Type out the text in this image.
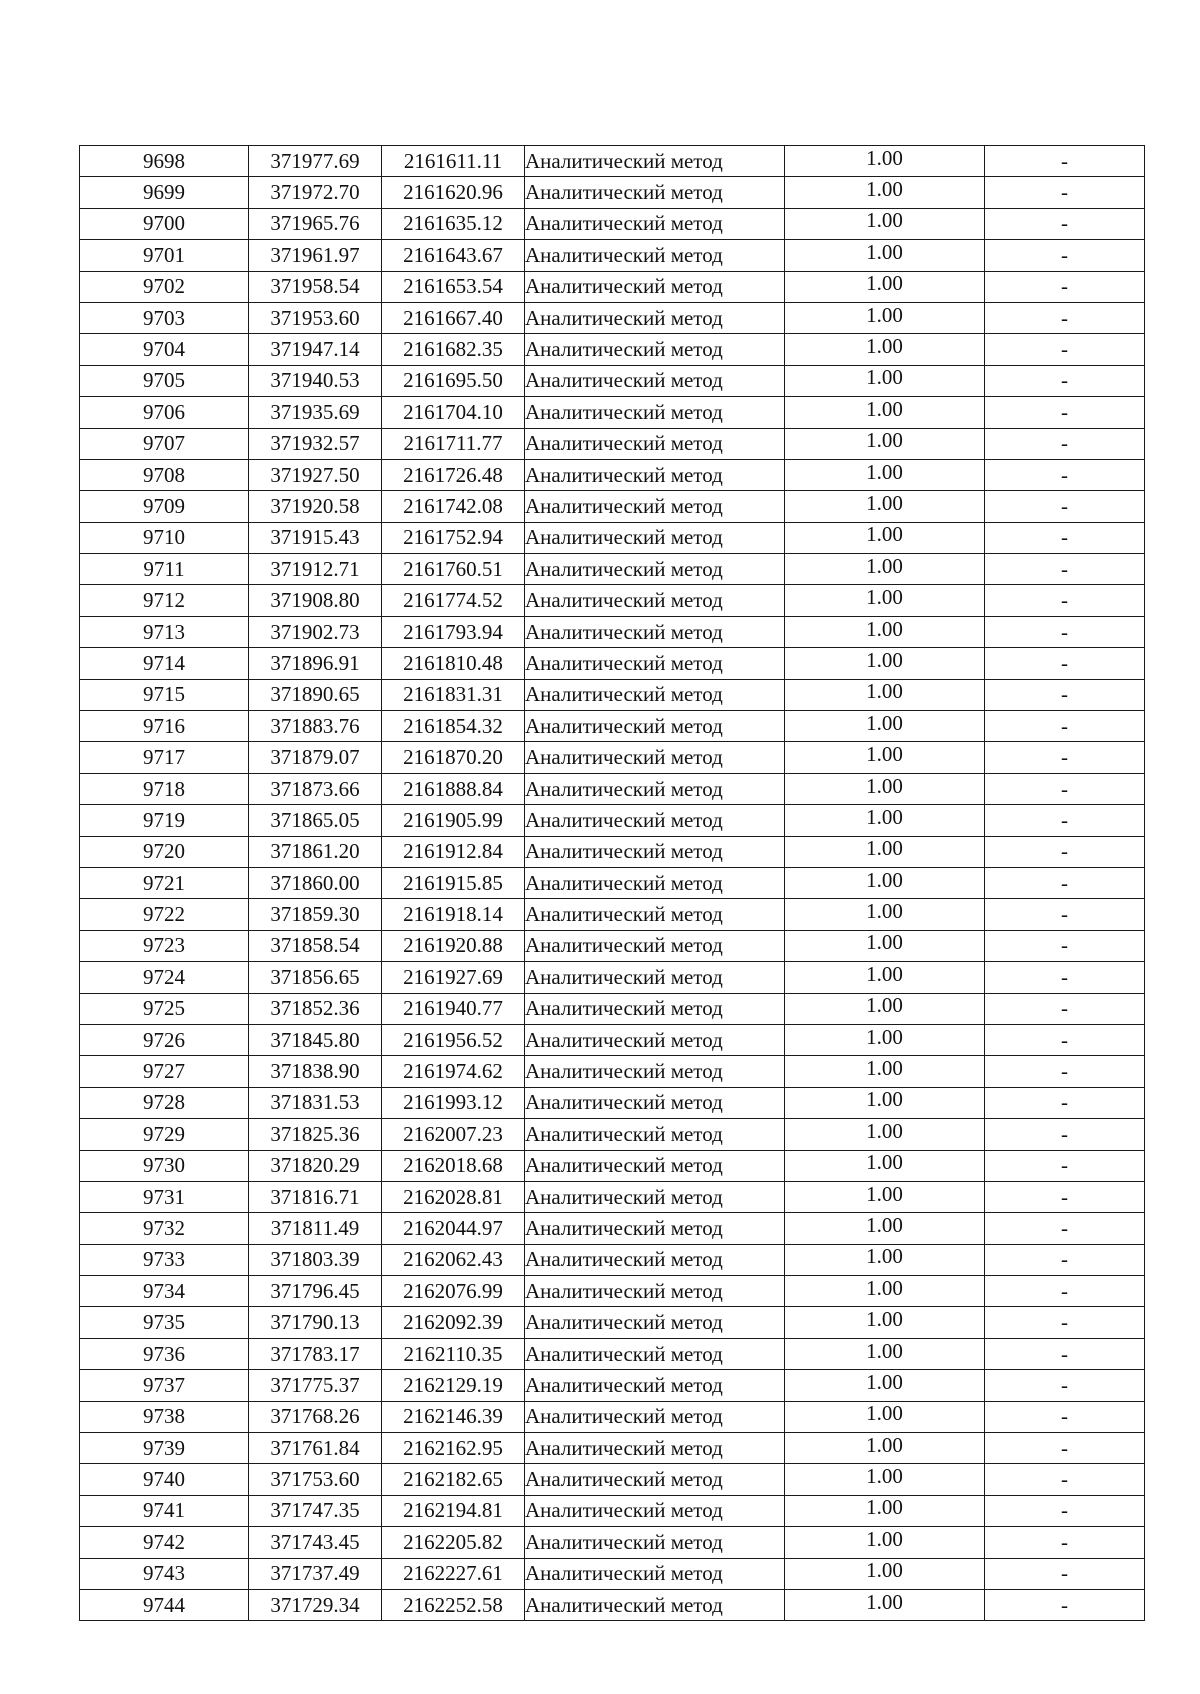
9698	371977.69	2161611.11	Аналитический метод	1.00	-
9699	371972.70	2161620.96	Аналитический метод	1.00	-
9700	371965.76	2161635.12	Аналитический метод	1.00	-
9701	371961.97	2161643.67	Аналитический метод	1.00	-
9702	371958.54	2161653.54	Аналитический метод	1.00	-
9703	371953.60	2161667.40	Аналитический метод	1.00	-
9704	371947.14	2161682.35	Аналитический метод	1.00	-
9705	371940.53	2161695.50	Аналитический метод	1.00	-
9706	371935.69	2161704.10	Аналитический метод	1.00	-
9707	371932.57	2161711.77	Аналитический метод	1.00	-
9708	371927.50	2161726.48	Аналитический метод	1.00	-
9709	371920.58	2161742.08	Аналитический метод	1.00	-
9710	371915.43	2161752.94	Аналитический метод	1.00	-
9711	371912.71	2161760.51	Аналитический метод	1.00	-
9712	371908.80	2161774.52	Аналитический метод	1.00	-
9713	371902.73	2161793.94	Аналитический метод	1.00	-
9714	371896.91	2161810.48	Аналитический метод	1.00	-
9715	371890.65	2161831.31	Аналитический метод	1.00	-
9716	371883.76	2161854.32	Аналитический метод	1.00	-
9717	371879.07	2161870.20	Аналитический метод	1.00	-
9718	371873.66	2161888.84	Аналитический метод	1.00	-
9719	371865.05	2161905.99	Аналитический метод	1.00	-
9720	371861.20	2161912.84	Аналитический метод	1.00	-
9721	371860.00	2161915.85	Аналитический метод	1.00	-
9722	371859.30	2161918.14	Аналитический метод	1.00	-
9723	371858.54	2161920.88	Аналитический метод	1.00	-
9724	371856.65	2161927.69	Аналитический метод	1.00	-
9725	371852.36	2161940.77	Аналитический метод	1.00	-
9726	371845.80	2161956.52	Аналитический метод	1.00	-
9727	371838.90	2161974.62	Аналитический метод	1.00	-
9728	371831.53	2161993.12	Аналитический метод	1.00	-
9729	371825.36	2162007.23	Аналитический метод	1.00	-
9730	371820.29	2162018.68	Аналитический метод	1.00	-
9731	371816.71	2162028.81	Аналитический метод	1.00	-
9732	371811.49	2162044.97	Аналитический метод	1.00	-
9733	371803.39	2162062.43	Аналитический метод	1.00	-
9734	371796.45	2162076.99	Аналитический метод	1.00	-
9735	371790.13	2162092.39	Аналитический метод	1.00	-
9736	371783.17	2162110.35	Аналитический метод	1.00	-
9737	371775.37	2162129.19	Аналитический метод	1.00	-
9738	371768.26	2162146.39	Аналитический метод	1.00	-
9739	371761.84	2162162.95	Аналитический метод	1.00	-
9740	371753.60	2162182.65	Аналитический метод	1.00	-
9741	371747.35	2162194.81	Аналитический метод	1.00	-
9742	371743.45	2162205.82	Аналитический метод	1.00	-
9743	371737.49	2162227.61	Аналитический метод	1.00	-
9744	371729.34	2162252.58	Аналитический метод	1.00	-
